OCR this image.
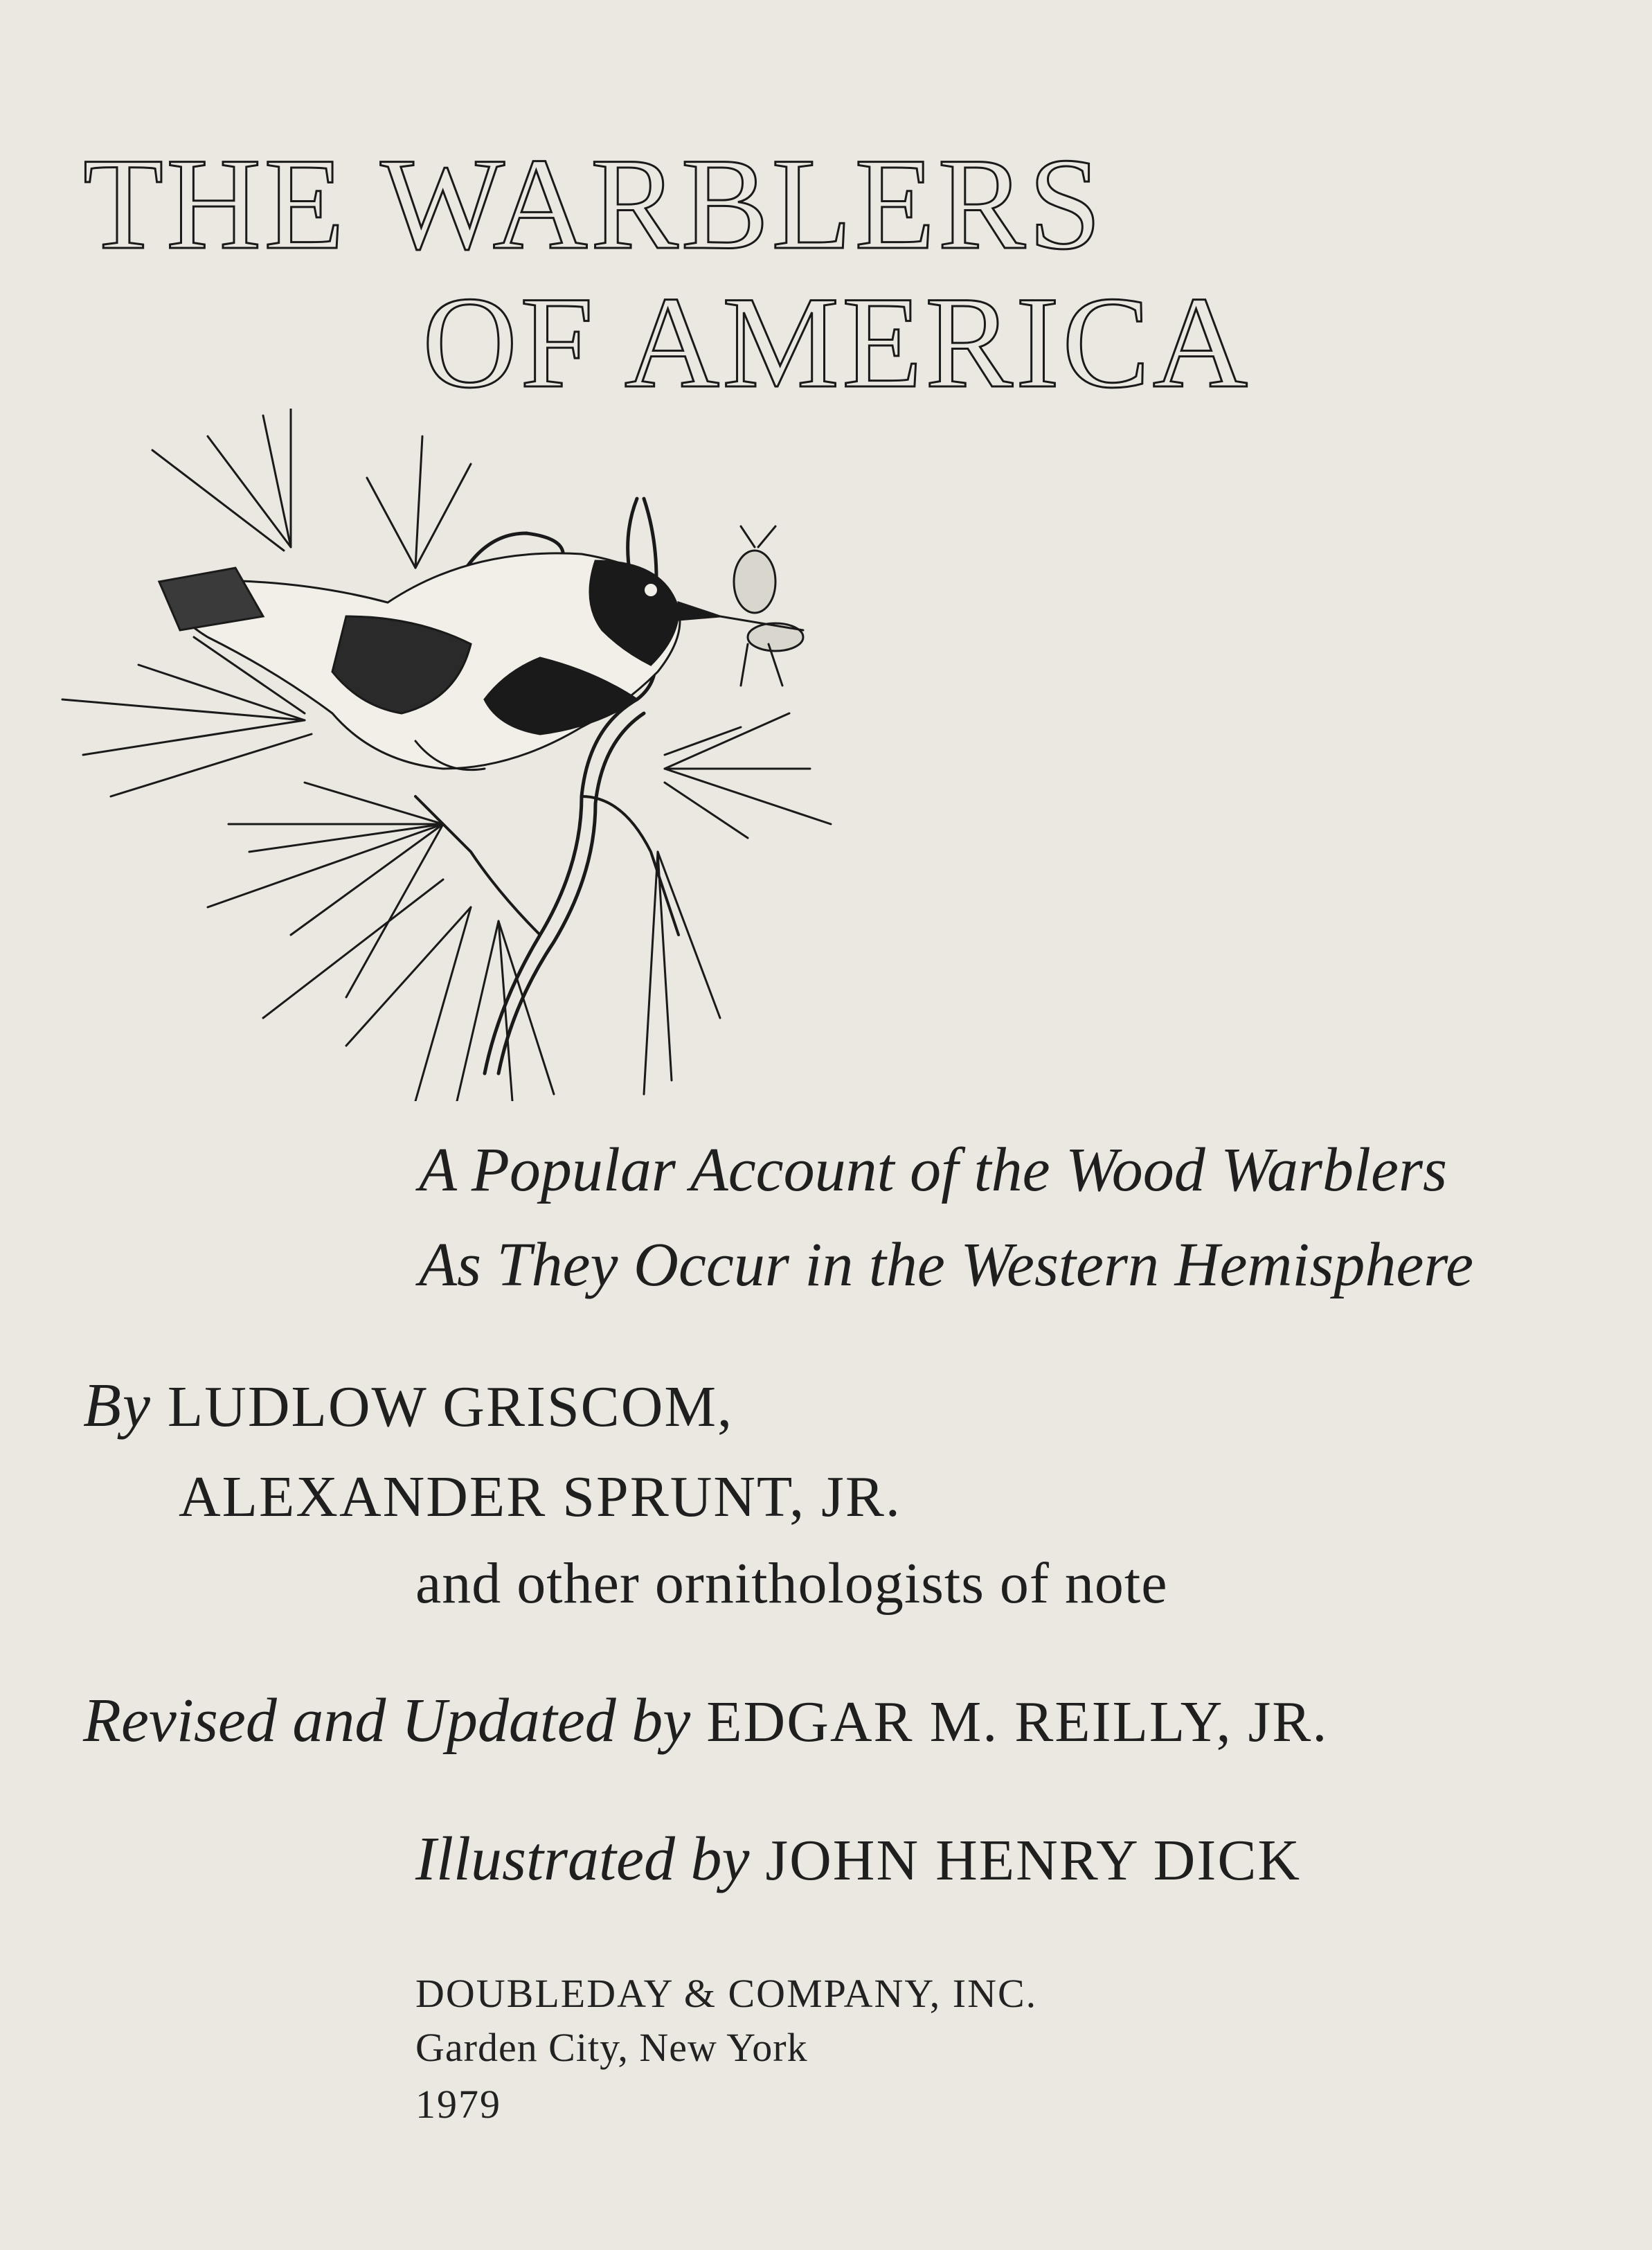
THE WARBLERS
OF AMERICA
A Popular Account of the Wood Warblers
As They Occur in the Western Hemisphere
By LUDLOW GRISCOM,
ALEXANDER SPRUNT, JR.
and other ornithologists of note
Revised and Updated by EDGAR M. REILLY, JR.
Illustrated by JOHN HENRY DICK
DOUBLEDAY & COMPANY, INC.
Garden City, New York
1979
